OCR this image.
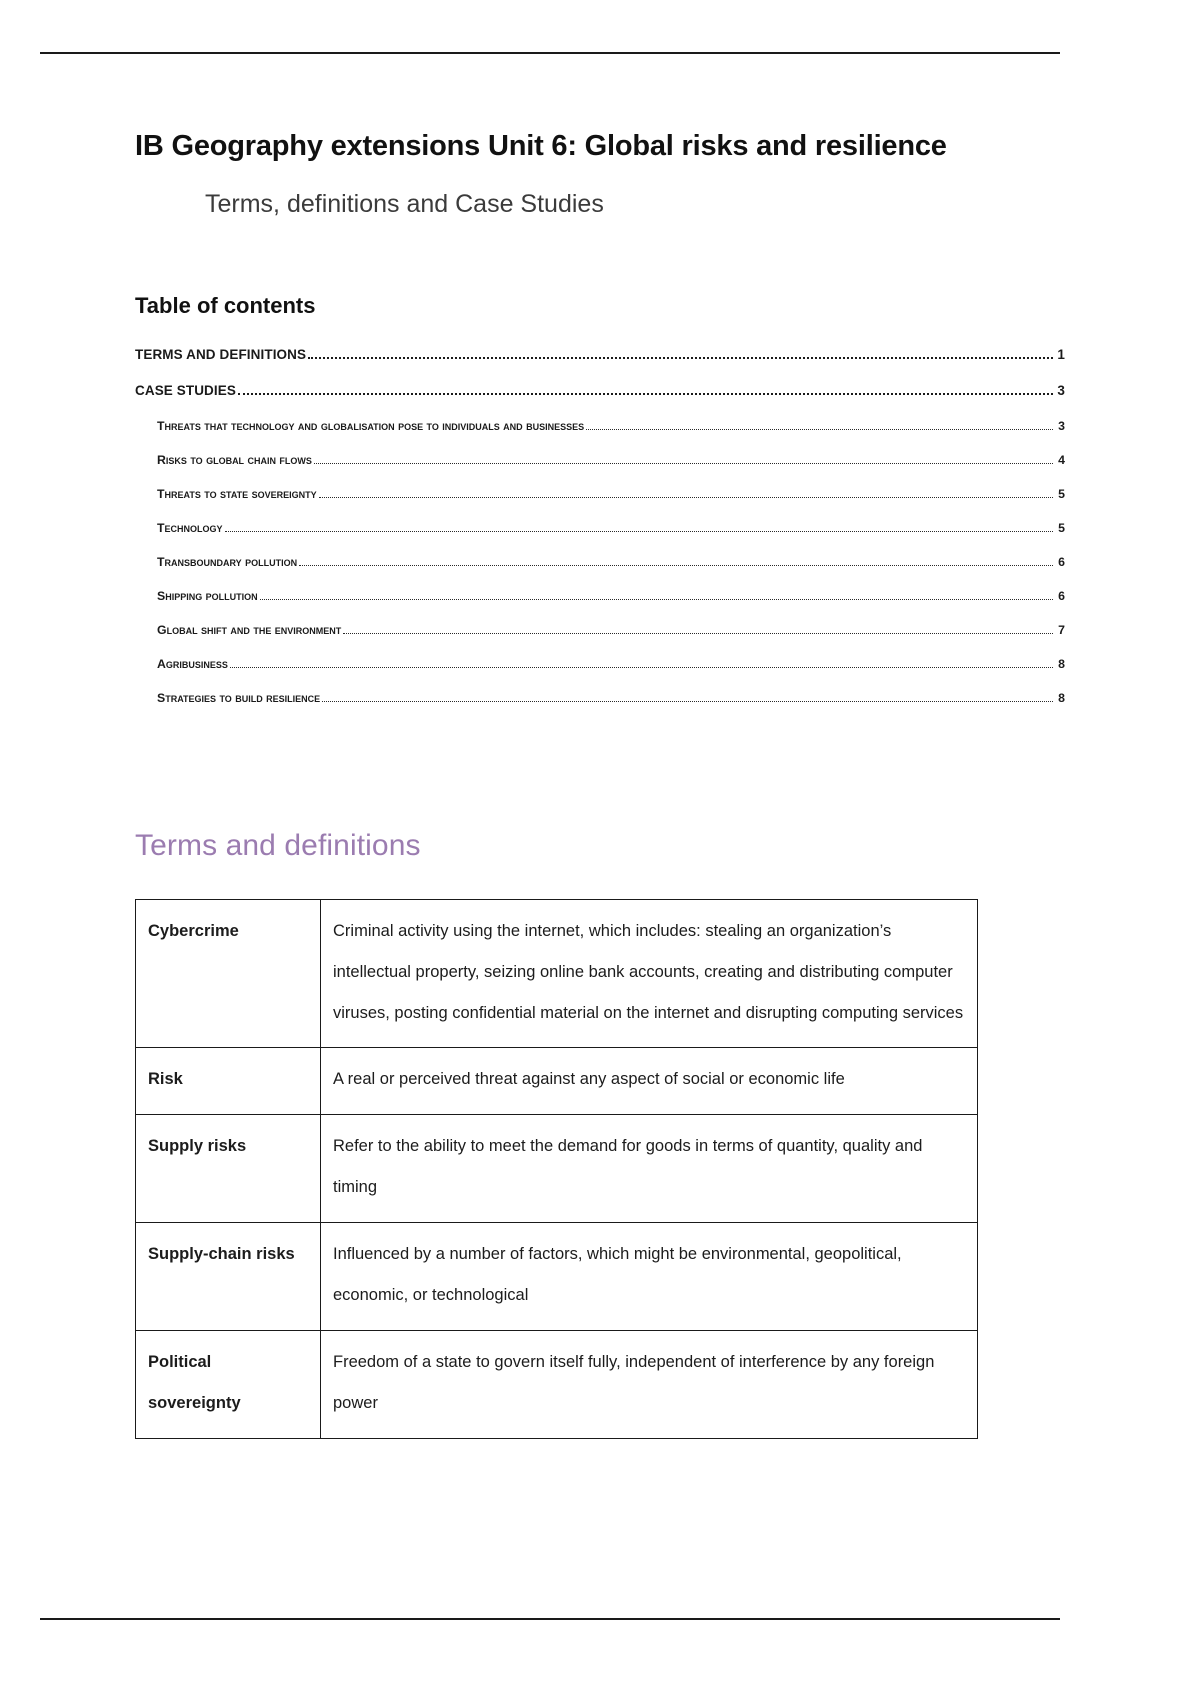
IB Geography extensions Unit 6: Global risks and resilience
Terms, definitions and Case Studies
Table of contents
TERMS AND DEFINITIONS	1
CASE STUDIES	3
Threats that technology and globalisation pose to individuals and businesses	3
Risks to global chain flows	4
Threats to state sovereignty	5
Technology	5
Transboundary pollution	6
Shipping pollution	6
Global shift and the environment	7
Agribusiness	8
Strategies to build resilience	8
Terms and definitions
Cybercrime	Criminal activity using the internet, which includes: stealing an organization’s intellectual property, seizing online bank accounts, creating and distributing computer viruses, posting confidential material on the internet and disrupting computing services
Risk	A real or perceived threat against any aspect of social or economic life
Supply risks	Refer to the ability to meet the demand for goods in terms of quantity, quality and timing
Supply-chain risks	Influenced by a number of factors, which might be environmental, geopolitical, economic, or technological
Political sovereignty	Freedom of a state to govern itself fully, independent of interference by any foreign power
